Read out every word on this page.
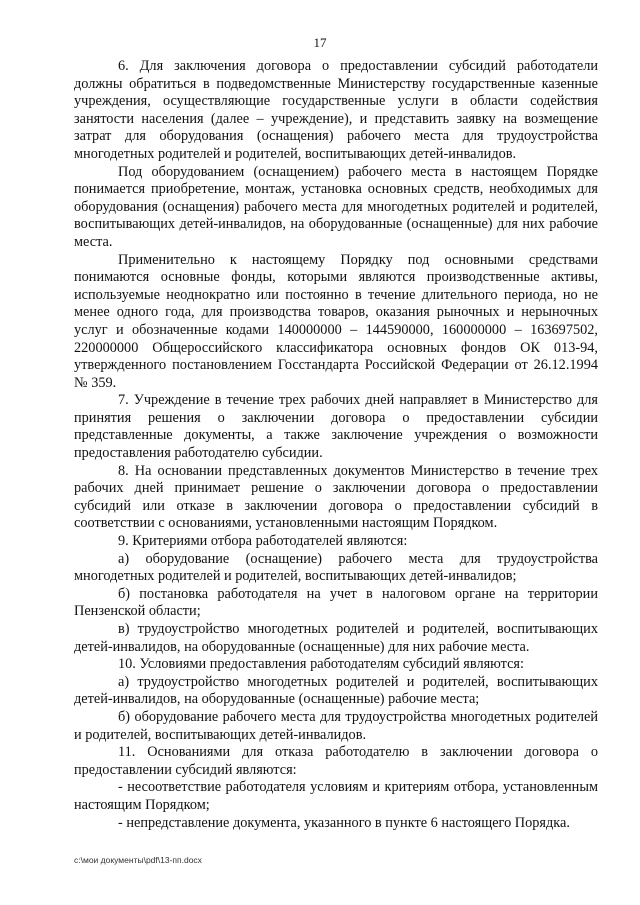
17

6. Для заключения договора о предоставлении субсидий работодатели должны обратиться в подведомственные Министерству государственные казенные учреждения, осуществляющие государственные услуги в области содействия занятости населения (далее – учреждение), и представить заявку на возмещение затрат для оборудования (оснащения) рабочего места для трудоустройства многодетных родителей и родителей, воспитывающих детей-инвалидов.

Под оборудованием (оснащением) рабочего места в настоящем Порядке понимается приобретение, монтаж, установка основных средств, необходимых для оборудования (оснащения) рабочего места для многодетных родителей и родителей, воспитывающих детей-инвалидов, на оборудованные (оснащенные) для них рабочие места.

Применительно к настоящему Порядку под основными средствами понимаются основные фонды, которыми являются производственные активы, используемые неоднократно или постоянно в течение длительного периода, но не менее одного года, для производства товаров, оказания рыночных и нерыночных услуг и обозначенные кодами 140000000 – 144590000, 160000000 – 163697502, 220000000 Общероссийского классификатора основных фондов ОК 013-94, утвержденного постановлением Госстандарта Российской Федерации от 26.12.1994 № 359.

7. Учреждение в течение трех рабочих дней направляет в Министерство для принятия решения о заключении договора о предоставлении субсидии представленные документы, а также заключение учреждения о возможности предоставления работодателю субсидии.

8. На основании представленных документов Министерство в течение трех рабочих дней принимает решение о заключении договора о предоставлении субсидий или отказе в заключении договора о предоставлении субсидий в соответствии с основаниями, установленными настоящим Порядком.

9. Критериями отбора работодателей являются:

а) оборудование (оснащение) рабочего места для трудоустройства многодетных родителей и родителей, воспитывающих детей-инвалидов;

б) постановка работодателя на учет в налоговом органе на территории Пензенской области;

в) трудоустройство многодетных родителей и родителей, воспитывающих детей-инвалидов, на оборудованные (оснащенные) для них рабочие места.

10. Условиями предоставления работодателям субсидий являются:

а) трудоустройство многодетных родителей и родителей, воспитывающих детей-инвалидов, на оборудованные (оснащенные) рабочие места;

б) оборудование рабочего места для трудоустройства многодетных родителей и родителей, воспитывающих детей-инвалидов.

11. Основаниями для отказа работодателю в заключении договора о предоставлении субсидий являются:

- несоответствие работодателя условиям и критериям отбора, установленным настоящим Порядком;

- непредставление документа, указанного в пункте 6 настоящего Порядка.

c:\мои документы\pdf\13-пп.docx
